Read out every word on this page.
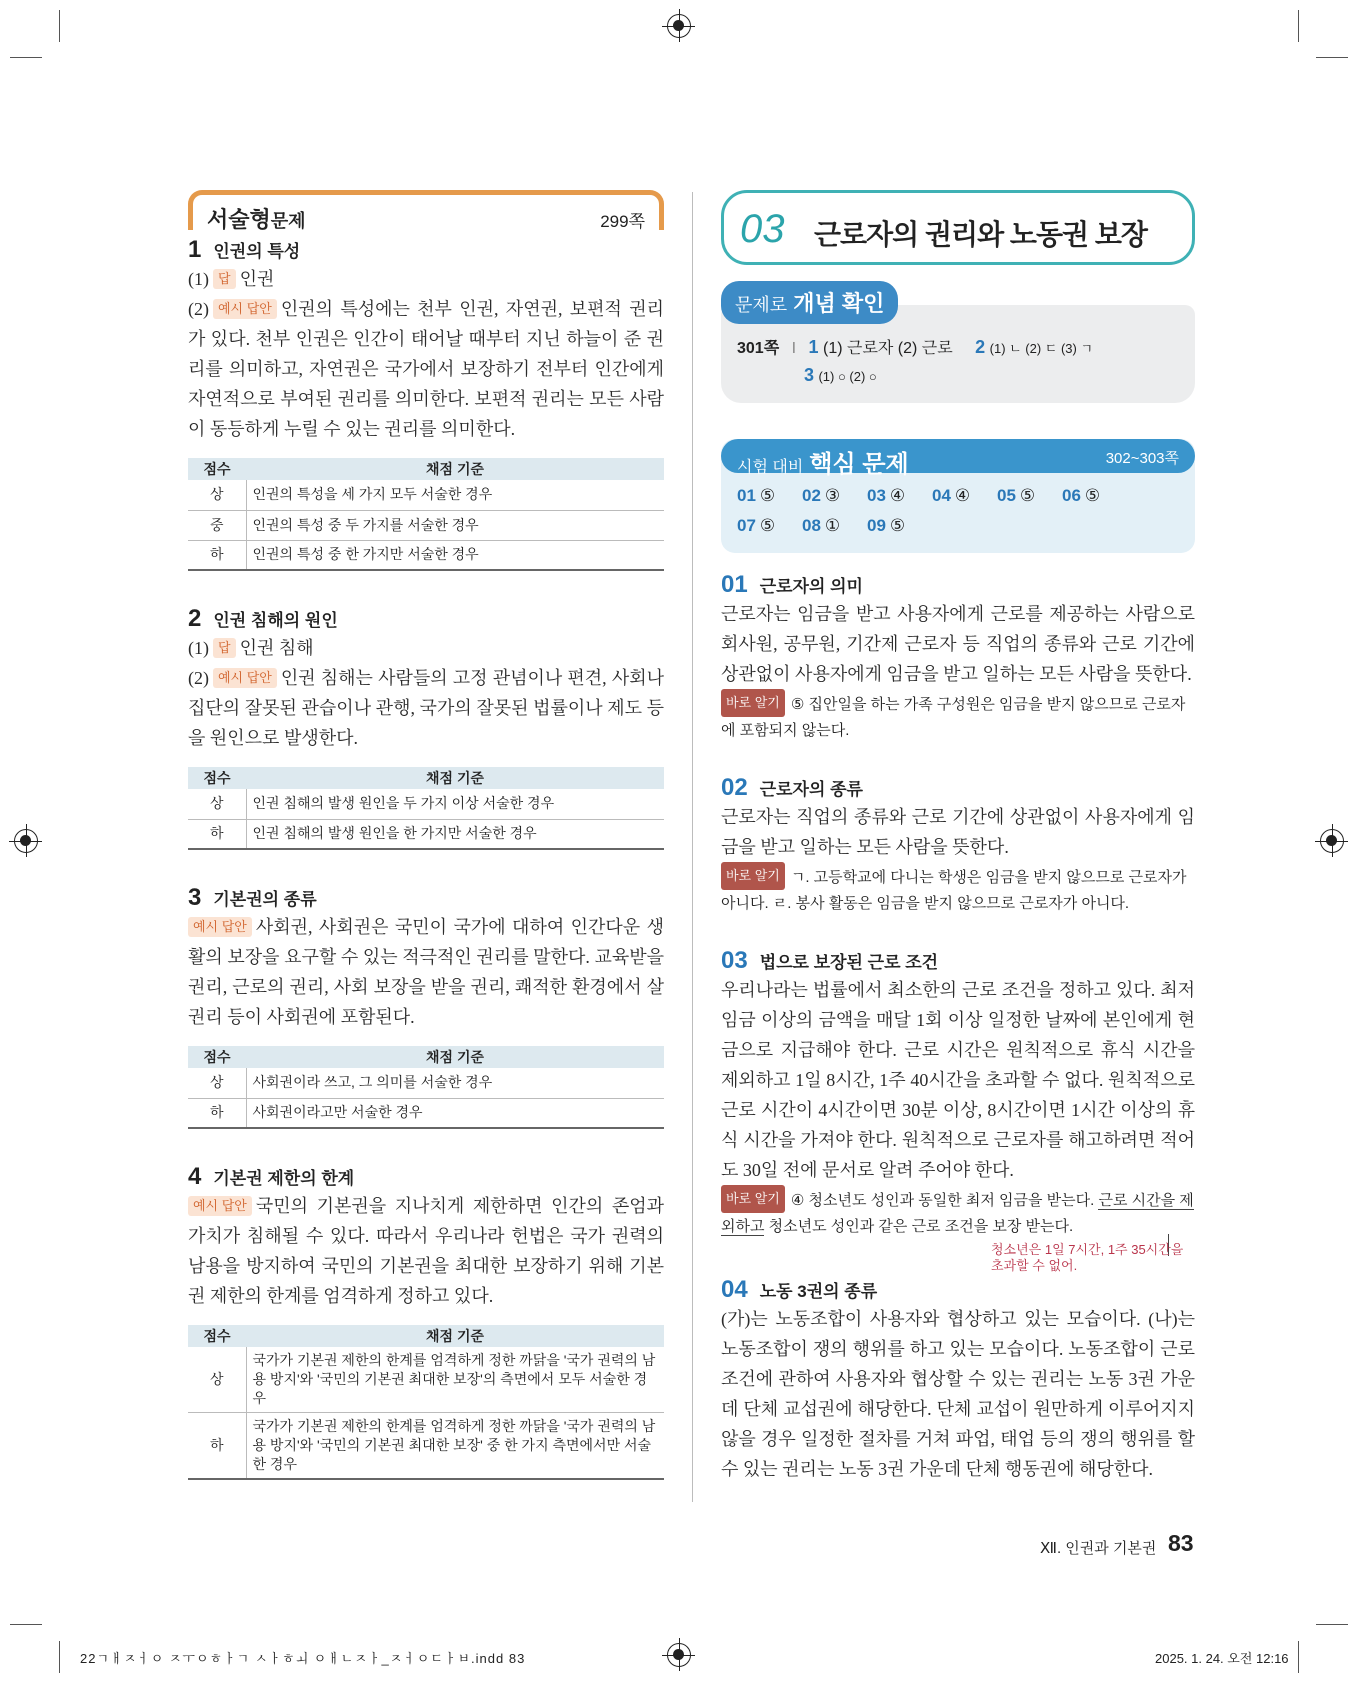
서술형문제	299쪽
1 인권의 특성
(1) 답 인권
(2) 예시 답안 인권의 특성에는 천부 인권, 자연권, 보편적 권리가 있다. 천부 인권은 인간이 태어날 때부터 지닌 하늘이 준 권리를 의미하고, 자연권은 국가에서 보장하기 전부터 인간에게 자연적으로 부여된 권리를 의미한다. 보편적 권리는 모든 사람이 동등하게 누릴 수 있는 권리를 의미한다.
점수	채점 기준
상	인권의 특성을 세 가지 모두 서술한 경우
중	인권의 특성 중 두 가지를 서술한 경우
하	인권의 특성 중 한 가지만 서술한 경우
2 인권 침해의 원인
(1) 답 인권 침해
(2) 예시 답안 인권 침해는 사람들의 고정 관념이나 편견, 사회나 집단의 잘못된 관습이나 관행, 국가의 잘못된 법률이나 제도 등을 원인으로 발생한다.
점수	채점 기준
상	인권 침해의 발생 원인을 두 가지 이상 서술한 경우
하	인권 침해의 발생 원인을 한 가지만 서술한 경우
3 기본권의 종류
예시 답안 사회권, 사회권은 국민이 국가에 대하여 인간다운 생활의 보장을 요구할 수 있는 적극적인 권리를 말한다. 교육받을 권리, 근로의 권리, 사회 보장을 받을 권리, 쾌적한 환경에서 살 권리 등이 사회권에 포함된다.
점수	채점 기준
상	사회권이라 쓰고, 그 의미를 서술한 경우
하	사회권이라고만 서술한 경우
4 기본권 제한의 한계
예시 답안 국민의 기본권을 지나치게 제한하면 인간의 존엄과 가치가 침해될 수 있다. 따라서 우리나라 헌법은 국가 권력의 남용을 방지하여 국민의 기본권을 최대한 보장하기 위해 기본권 제한의 한계를 엄격하게 정하고 있다.
점수	채점 기준
상	국가가 기본권 제한의 한계를 엄격하게 정한 까닭을 '국가 권력의 남용 방지'와 '국민의 기본권 최대한 보장'의 측면에서 모두 서술한 경우
하	국가가 기본권 제한의 한계를 엄격하게 정한 까닭을 '국가 권력의 남용 방지'와 '국민의 기본권 최대한 보장' 중 한 가지 측면에서만 서술한 경우
03 근로자의 권리와 노동권 보장
문제로 개념 확인
301쪽 I 1 (1) 근로자 (2) 근로 2 (1) ㄴ (2) ㄷ (3) ㄱ
3 (1) ○ (2) ○
시험 대비 핵심 문제	302~303쪽
01 ⑤	02 ③	03 ④	04 ④	05 ⑤	06 ⑤
07 ⑤	08 ①	09 ⑤
01 근로자의 의미
근로자는 임금을 받고 사용자에게 근로를 제공하는 사람으로 회사원, 공무원, 기간제 근로자 등 직업의 종류와 근로 기간에 상관없이 사용자에게 임금을 받고 일하는 모든 사람을 뜻한다.
바로 알기 ⑤ 집안일을 하는 가족 구성원은 임금을 받지 않으므로 근로자에 포함되지 않는다.
02 근로자의 종류
근로자는 직업의 종류와 근로 기간에 상관없이 사용자에게 임금을 받고 일하는 모든 사람을 뜻한다.
바로 알기 ㄱ. 고등학교에 다니는 학생은 임금을 받지 않으므로 근로자가 아니다. ㄹ. 봉사 활동은 임금을 받지 않으므로 근로자가 아니다.
03 법으로 보장된 근로 조건
우리나라는 법률에서 최소한의 근로 조건을 정하고 있다. 최저 임금 이상의 금액을 매달 1회 이상 일정한 날짜에 본인에게 현금으로 지급해야 한다. 근로 시간은 원칙적으로 휴식 시간을 제외하고 1일 8시간, 1주 40시간을 초과할 수 없다. 원칙적으로 근로 시간이 4시간이면 30분 이상, 8시간이면 1시간 이상의 휴식 시간을 가져야 한다. 원칙적으로 근로자를 해고하려면 적어도 30일 전에 문서로 알려 주어야 한다.
바로 알기 ④ 청소년도 성인과 동일한 최저 임금을 받는다. 근로 시간을 제외하고 청소년도 성인과 같은 근로 조건을 보장 받는다.
청소년은 1일 7시간, 1주 35시간을
초과할 수 없어.
04 노동 3권의 종류
(가)는 노동조합이 사용자와 협상하고 있는 모습이다. (나)는 노동조합이 쟁의 행위를 하고 있는 모습이다. 노동조합이 근로 조건에 관하여 사용자와 협상할 수 있는 권리는 노동 3권 가운데 단체 교섭권에 해당한다. 단체 교섭이 원만하게 이루어지지 않을 경우 일정한 절차를 거쳐 파업, 태업 등의 쟁의 행위를 할 수 있는 권리는 노동 3권 가운데 단체 행동권에 해당한다.
Ⅻ. 인권과 기본권 83
22ㄱㅐㅈㅓㅇ ㅈㅜㅇㅎㅏㄱ ㅅㅏㅎㅚ ㅇㅐㄴㅈㅏ_ㅈㅓㅇㄷㅏㅂ.indd 83	2025. 1. 24. 오전 12:16
